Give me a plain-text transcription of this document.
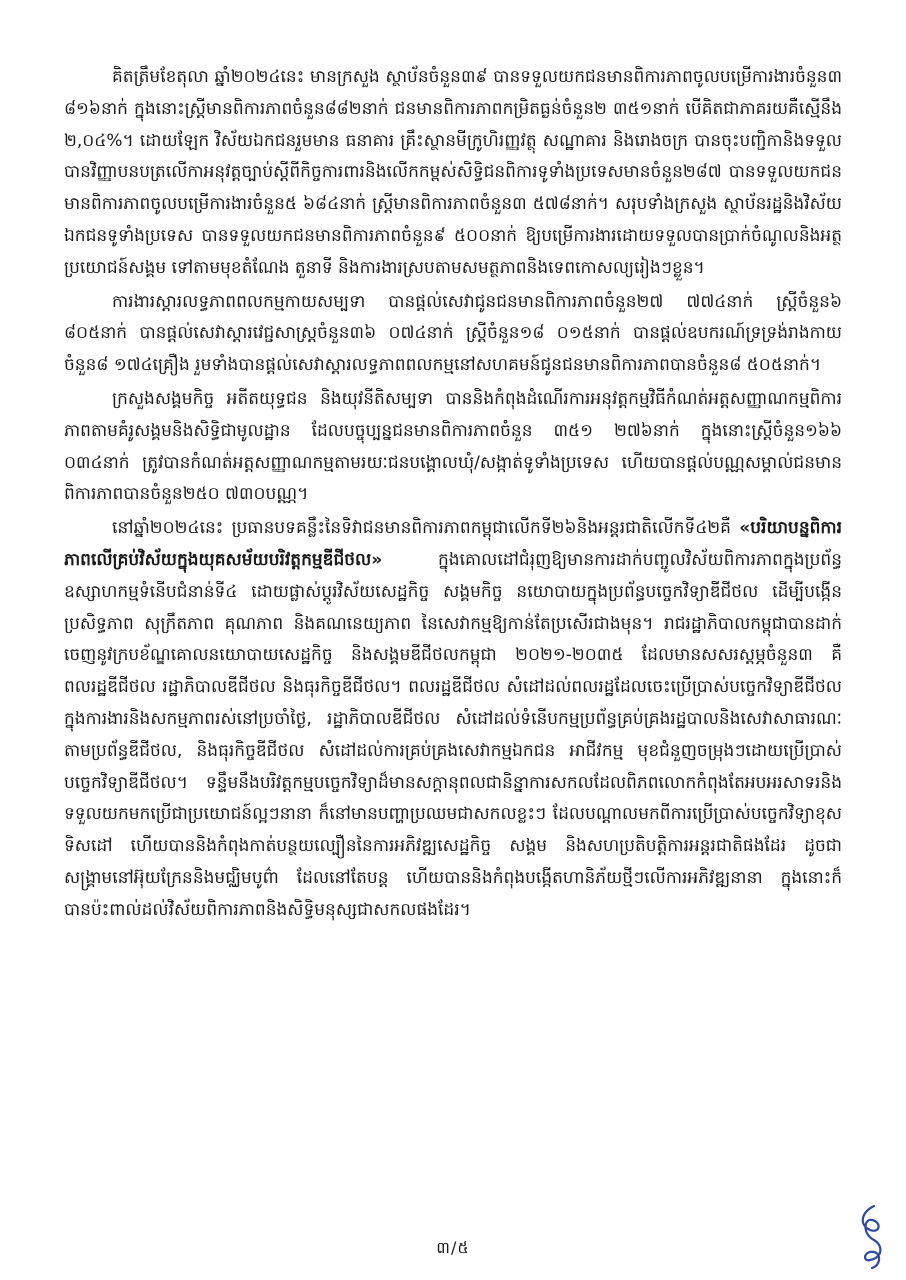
គិតត្រឹមខែតុលា ឆ្នាំ២០២៤នេះ មានក្រសួង ស្ថាប័នចំនួន៣៩ បានទទួលយកជនមានពិការភាពចូលបម្រើការងារចំនួន៣ ៨១៦នាក់ ក្នុងនោះស្ត្រីមានពិការភាពចំនួន៨៨២នាក់ ជនមានពិការភាពកម្រិតធ្ងន់ចំនួន២ ៣៥១នាក់ បើគិតជាភាគរយគឺស្មើនឹង ២,០៤%។ ដោយឡែក វិស័យឯកជនរួមមាន ធនាគារ គ្រឹះស្ថានមីក្រូហិរញ្ញវត្ថុ សណ្ឋាគារ និងរោងចក្រ បានចុះបញ្ជិកានិងទទួលបានវិញ្ញាបនបត្រលើកាអនុវត្តច្បាប់ស្តីពីកិច្ចការពារនិងលើកកម្ពស់សិទ្ធិជនពិការទូទាំងប្រទេសមានចំនួន២៨៧ បានទទួលយកជនមានពិការភាពចូលបម្រើការងារចំនួន៥ ៦៨៤នាក់ ស្ត្រីមានពិការភាពចំនួន៣ ៥៧៨នាក់។ សរុបទាំងក្រសួង ស្ថាប័នរដ្ឋនិងវិស័យឯកជនទូទាំងប្រទេស បានទទួលយកជនមានពិការភាពចំនួន៩ ៥០០នាក់ ឱ្យបម្រើការងារដោយទទួលបានប្រាក់ចំណូលនិងអត្ថប្រយោជន៍សង្គម ទៅតាមមុខតំណែង តួនាទី និងការងារស្របតាមសមត្ថភាពនិងទេពកោសល្យរៀងៗខ្លួន។

ការងារស្តារលទ្ធភាពពលកម្មកាយសម្បទា បានផ្តល់សេវាជូនជនមានពិការភាពចំនួន២៧ ៧៧៤នាក់ ស្ត្រីចំនួន៦ ៨០៥នាក់ បានផ្តល់សេវាស្តារវេជ្ជសាស្ត្រចំនួន៣៦ ០៧៤នាក់ ស្ត្រីចំនួន១៨ ០១៥នាក់ បានផ្តល់ឧបករណ៍ទ្រទ្រង់រាងកាយចំនួន៨ ១៧៤គ្រឿង រួមទាំងបានផ្តល់សេវាស្តារលទ្ធភាពពលកម្មនៅសហគមន៍ជូនជនមានពិការភាពបានចំនួន៨ ៥០៥នាក់។

ក្រសួងសង្គមកិច្ច អតីតយុទ្ធជន និងយុវនីតិសម្បទា បាននិងកំពុងដំណើរការអនុវត្តកម្មវិធីកំណត់អត្តសញ្ញាណកម្មពិការភាពតាមគំរូសង្គមនិងសិទ្ធិជាមូលដ្ឋាន ដែលបច្ចុប្បន្នជនមានពិការភាពចំនួន ៣៥១ ២៧៦នាក់ ក្នុងនោះស្ត្រីចំនួន១៦៦ ០៣៤នាក់ ត្រូវបានកំណត់អត្តសញ្ញាណកម្មតាមរយៈជនបង្គោលឃុំ/សង្កាត់ទូទាំងប្រទេស ហើយបានផ្តល់បណ្ណសម្គាល់ជនមានពិការភាពបានចំនួន២៥០ ៧៣០បណ្ណ។

នៅឆ្នាំ២០២៤នេះ ប្រធានបទគន្លឹះនៃទិវាជនមានពិការភាពកម្ពុជាលើកទី២៦និងអន្តរជាតិលើកទី៤២គឺ «បរិយាបន្នពិការភាពលើគ្រប់វិស័យក្នុងយុគសម័យបរិវត្តកម្មឌីជីថល» ក្នុងគោលដៅជំរុញឱ្យមានការដាក់បញ្ចូលវិស័យពិការភាពក្នុងប្រព័ន្ធឧស្សាហកម្មទំនើបជំនាន់ទី៤ ដោយផ្លាស់ប្តូរវិស័យសេដ្ឋកិច្ច សង្គមកិច្ច នយោបាយក្នុងប្រព័ន្ធបច្ចេកវិទ្យាឌីជីថល ដើម្បីបង្កើនប្រសិទ្ធភាព សុក្រឹតភាព គុណភាព និងគណនេយ្យភាព នៃសេវាកម្មឱ្យកាន់តែប្រសើរជាងមុន។ រាជរដ្ឋាភិបាលកម្ពុជាបានដាក់ចេញនូវក្របខ័ណ្ឌគោលនយោបាយសេដ្ឋកិច្ច និងសង្គមឌីជីថលកម្ពុជា ២០២១-២០៣៥ ដែលមានសសរស្តម្ភចំនួន៣ គឺ ពលរដ្ឋឌីជីថល រដ្ឋាភិបាលឌីជីថល និងធុរកិច្ចឌីជីថល។ ពលរដ្ឋឌីជីថល សំដៅដល់ពលរដ្ឋដែលចេះប្រើប្រាស់បច្ចេកវិទ្យាឌីជីថលក្នុងការងារនិងសកម្មភាពរស់នៅប្រចាំថ្ងៃ, រដ្ឋាភិបាលឌីជីថល សំដៅដល់ទំនើបកម្មប្រព័ន្ធគ្រប់គ្រងរដ្ឋបាលនិងសេវាសាធារណៈតាមប្រព័ន្ធឌីជីថល, និងធុរកិច្ចឌីជីថល សំដៅដល់ការគ្រប់គ្រងសេវាកម្មឯកជន អាជីវកម្ម មុខជំនួញចម្រុងៗដោយប្រើប្រាស់បច្ចេកវិទ្យាឌីជីថល។ ទន្ទឹមនឹងបរិវត្តកម្មបច្ចេកវិទ្យាដ៏មានសក្តានុពលជានិន្នាការសកលដែលពិភពលោកកំពុងតែអបអរសាទរនិងទទួលយកមកប្រើជាប្រយោជន៍ល្អៗនានា ក៏នៅមានបញ្ហាប្រឈមជាសកលខ្លះៗ ដែលបណ្តាលមកពីការប្រើប្រាស់បច្ចេកវិទ្យាខុសទិសដៅ ហើយបាននិងកំពុងកាត់បន្ថយល្បឿននៃការអភិវឌ្ឍសេដ្ឋកិច្ច សង្គម និងសហប្រតិបត្តិការអន្តរជាតិផងដែរ ដូចជា សង្គ្រាមនៅអ៊ុយក្រែននិងមជ្ឈិមបូព៌ា ដែលនៅតែបន្ត ហើយបាននិងកំពុងបង្កើតហានិភ័យថ្មីៗលើការអភិវឌ្ឍនានា ក្នុងនោះក៏បានប៉ះពាល់ដល់វិស័យពិការភាពនិងសិទ្ធិមនុស្សជាសកលផងដែរ។

៣/៥
